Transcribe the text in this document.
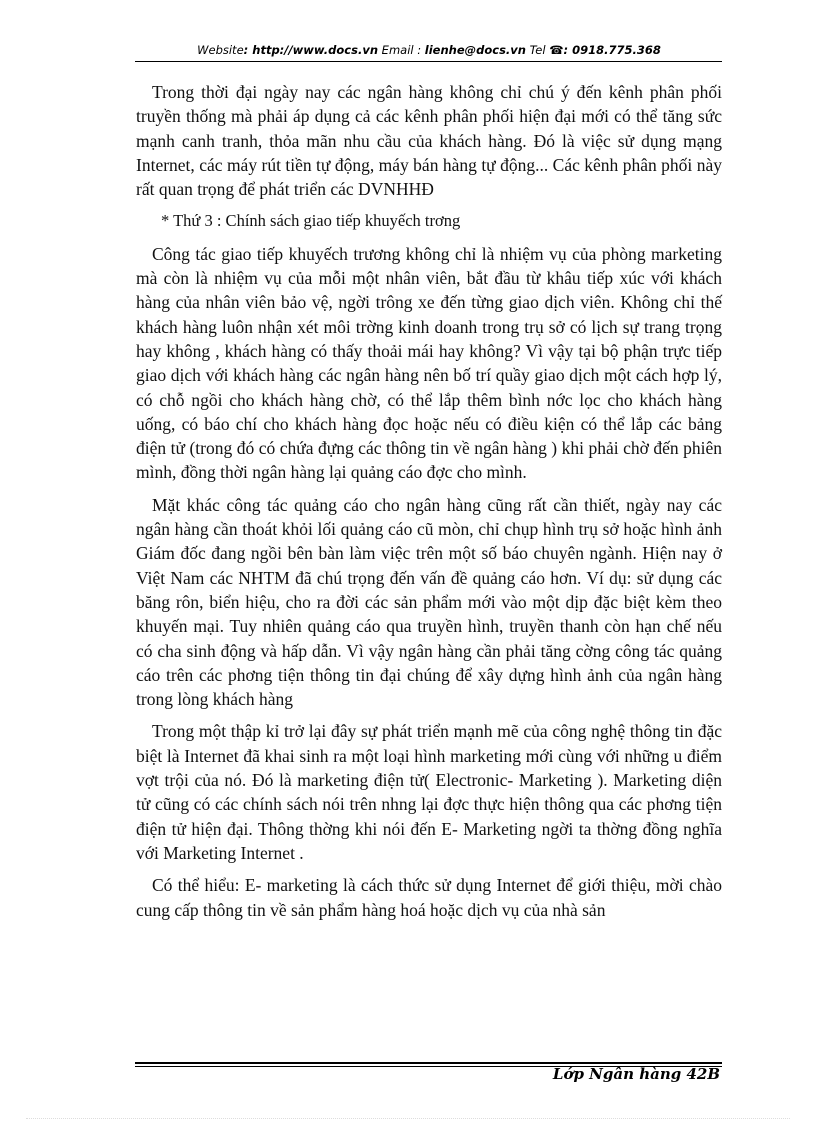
Website: http://www.docs.vn Email : lienhe@docs.vn Tel ☎: 0918.775.368

Trong thời đại ngày nay các ngân hàng không chỉ chú ý đến kênh phân phối truyền thống mà phải áp dụng cả các kênh phân phối hiện đại mới có thể tăng sức mạnh canh tranh, thỏa mãn nhu cầu của khách hàng. Đó là việc sử dụng mạng Internet, các máy rút tiền tự động, máy bán hàng tự động... Các kênh phân phối này rất quan trọng để phát triển các DVNHHĐ

* Thứ 3 : Chính sách giao tiếp khuyếch trơng

Công tác giao tiếp khuyếch trương không chỉ là nhiệm vụ của phòng marketing mà còn là nhiệm vụ của mỗi một nhân viên, bắt đầu từ khâu tiếp xúc với khách hàng của nhân viên bảo vệ, ngời trông xe đến từng giao dịch viên. Không chỉ thế khách hàng luôn nhận xét môi trờng kinh doanh trong trụ sở có lịch sự trang trọng hay không , khách hàng có thấy thoải mái hay không? Vì vậy tại bộ phận trực tiếp giao dịch với khách hàng các ngân hàng nên bố trí quầy giao dịch một cách hợp lý, có chỗ ngồi cho khách hàng chờ, có thể lắp thêm bình nớc lọc cho khách hàng uống, có báo chí cho khách hàng đọc hoặc nếu có điều kiện có thể lắp các bảng điện tử (trong đó có chứa đựng các thông tin về ngân hàng ) khi phải chờ đến phiên mình, đồng thời ngân hàng lại quảng cáo đợc cho mình.

Mặt khác công tác quảng cáo cho ngân hàng cũng rất cần thiết, ngày nay các ngân hàng cần thoát khỏi lối quảng cáo cũ mòn, chỉ chụp hình trụ sở hoặc hình ảnh Giám đốc đang ngồi bên bàn làm việc trên một số báo chuyên ngành. Hiện nay ở Việt Nam các NHTM đã chú trọng đến vấn đề quảng cáo hơn. Ví dụ: sử dụng các băng rôn, biển hiệu, cho ra đời các sản phẩm mới vào một dịp đặc biệt kèm theo khuyến mại. Tuy nhiên quảng cáo qua truyền hình, truyền thanh còn hạn chế nếu có cha sinh động và hấp dẫn. Vì vậy ngân hàng cần phải tăng cờng công tác quảng cáo trên các phơng tiện thông tin đại chúng để xây dựng hình ảnh của ngân hàng trong lòng khách hàng

Trong một thập kỉ trở lại đây sự phát triển mạnh mẽ của công nghệ thông tin đặc biệt là Internet đã khai sinh ra một loại hình marketing mới cùng với những u điểm vợt trội của nó. Đó là marketing điện tử( Electronic- Marketing ). Marketing diện tử cũng có các chính sách nói trên nhng lại đợc thực hiện thông qua các phơng tiện điện tử hiện đại. Thông thờng khi nói đến E- Marketing ngời ta thờng đồng nghĩa với Marketing Internet .

Có thể hiểu: E- marketing là cách thức sử dụng Internet để giới thiệu, mời chào cung cấp thông tin về sản phẩm hàng hoá hoặc dịch vụ của nhà sản

Lớp Ngân hàng 42B
